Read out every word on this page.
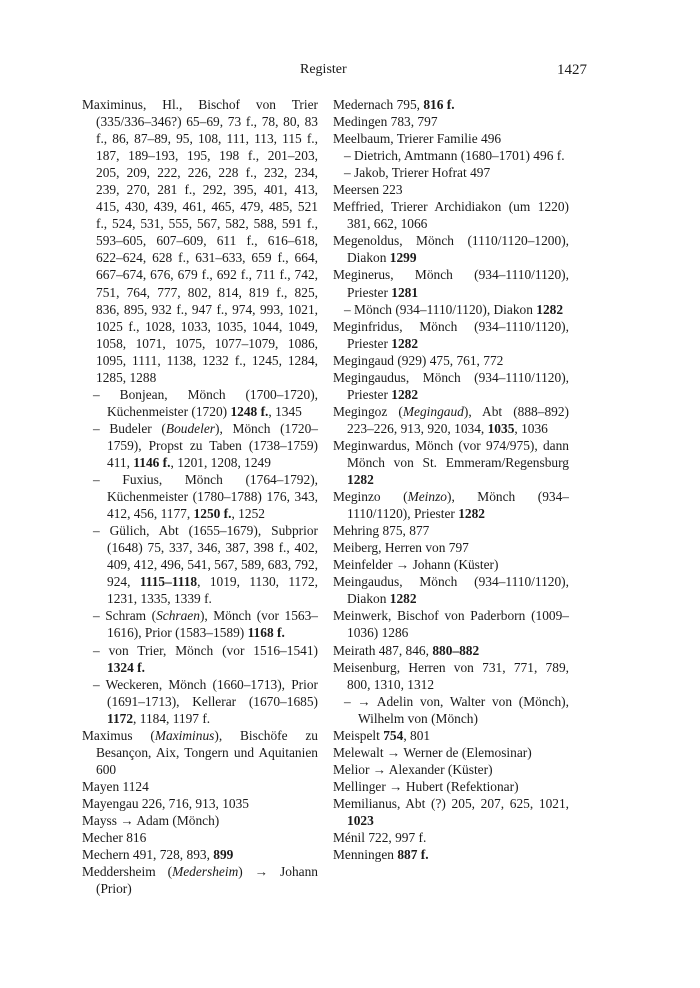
Register	1427
Maximinus, Hl., Bischof von Trier (335/336–346?) 65–69, 73 f., 78, 80, 83 f., 86, 87–89, 95, 108, 111, 113, 115 f., 187, 189–193, 195, 198 f., 201–203, 205, 209, 222, 226, 228 f., 232, 234, 239, 270, 281 f., 292, 395, 401, 413, 415, 430, 439, 461, 465, 479, 485, 521 f., 524, 531, 555, 567, 582, 588, 591 f., 593–605, 607–609, 611 f., 616–618, 622–624, 628 f., 631–633, 659 f., 664, 667–674, 676, 679 f., 692 f., 711 f., 742, 751, 764, 777, 802, 814, 819 f., 825, 836, 895, 932 f., 947 f., 974, 993, 1021, 1025 f., 1028, 1033, 1035, 1044, 1049, 1058, 1071, 1075, 1077–1079, 1086, 1095, 1111, 1138, 1232 f., 1245, 1284, 1285, 1288
– Bonjean, Mönch (1700–1720), Küchenmeister (1720) 1248 f., 1345
– Budeler (Boudeler), Mönch (1720–1759), Propst zu Taben (1738–1759) 411, 1146 f., 1201, 1208, 1249
– Fuxius, Mönch (1764–1792), Küchenmeister (1780–1788) 176, 343, 412, 456, 1177, 1250 f., 1252
– Gülich, Abt (1655–1679), Subprior (1648) 75, 337, 346, 387, 398 f., 402, 409, 412, 496, 541, 567, 589, 683, 792, 924, 1115–1118, 1019, 1130, 1172, 1231, 1335, 1339 f.
– Schram (Schraen), Mönch (vor 1563–1616), Prior (1583–1589) 1168 f.
– von Trier, Mönch (vor 1516–1541) 1324 f.
– Weckeren, Mönch (1660–1713), Prior (1691–1713), Kellerar (1670–1685) 1172, 1184, 1197 f.
Maximus (Maximinus), Bischöfe zu Besançon, Aix, Tongern und Aquitanien 600
Mayen 1124
Mayengau 226, 716, 913, 1035
Mayss → Adam (Mönch)
Mecher 816
Mechern 491, 728, 893, 899
Meddersheim (Medersheim) → Johann (Prior)
Medernach 795, 816 f.
Medingen 783, 797
Meelbaum, Trierer Familie 496
– Dietrich, Amtmann (1680–1701) 496 f.
– Jakob, Trierer Hofrat 497
Meersen 223
Meffried, Trierer Archidiakon (um 1220) 381, 662, 1066
Megenoldus, Mönch (1110/1120–1200), Diakon 1299
Meginerus, Mönch (934–1110/1120), Priester 1281
– Mönch (934–1110/1120), Diakon 1282
Meginfridus, Mönch (934–1110/1120), Priester 1282
Megingaud (929) 475, 761, 772
Megingaudus, Mönch (934–1110/1120), Priester 1282
Megingoz (Megingaud), Abt (888–892) 223–226, 913, 920, 1034, 1035, 1036
Meginwardus, Mönch (vor 974/975), dann Mönch von St. Emmeram/Regensburg 1282
Meginzo (Meinzo), Mönch (934–1110/1120), Priester 1282
Mehring 875, 877
Meiberg, Herren von 797
Meinfelder → Johann (Küster)
Meingaudus, Mönch (934–1110/1120), Diakon 1282
Meinwerk, Bischof von Paderborn (1009–1036) 1286
Meirath 487, 846, 880–882
Meisenburg, Herren von 731, 771, 789, 800, 1310, 1312
– → Adelin von, Walter von (Mönch), Wilhelm von (Mönch)
Meispelt 754, 801
Melewalt → Werner de (Elemosinar)
Melior → Alexander (Küster)
Mellinger → Hubert (Refektionar)
Memilianus, Abt (?) 205, 207, 625, 1021, 1023
Ménil 722, 997 f.
Menningen 887 f.
